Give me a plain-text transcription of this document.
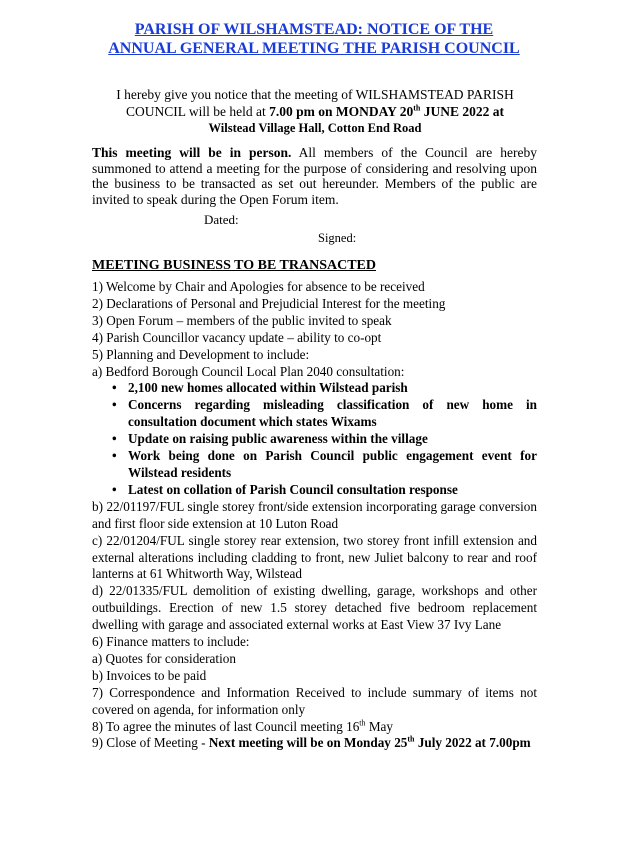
PARISH OF WILSHAMSTEAD: NOTICE OF THE
ANNUAL GENERAL MEETING THE PARISH COUNCIL
I hereby give you notice that the meeting of WILSHAMSTEAD PARISH
COUNCIL will be held at 7.00 pm on MONDAY 20th JUNE 2022 at
Wilstead Village Hall, Cotton End Road
This meeting will be in person. All members of the Council are hereby summoned to attend a meeting for the purpose of considering and resolving upon the business to be transacted as set out hereunder. Members of the public are invited to speak during the Open Forum item.
Dated:
Signed:
MEETING BUSINESS TO BE TRANSACTED
1) Welcome by Chair and Apologies for absence to be received
2) Declarations of Personal and Prejudicial Interest for the meeting
3) Open Forum – members of the public invited to speak
4) Parish Councillor vacancy update – ability to co-opt
5) Planning and Development to include:
a) Bedford Borough Council Local Plan 2040 consultation:
• 2,100 new homes allocated within Wilstead parish
• Concerns regarding misleading classification of new home in consultation document which states Wixams
• Update on raising public awareness within the village
• Work being done on Parish Council public engagement event for Wilstead residents
• Latest on collation of Parish Council consultation response
b) 22/01197/FUL single storey front/side extension incorporating garage conversion and first floor side extension at 10 Luton Road
c) 22/01204/FUL single storey rear extension, two storey front infill extension and external alterations including cladding to front, new Juliet balcony to rear and roof lanterns at 61 Whitworth Way, Wilstead
d) 22/01335/FUL demolition of existing dwelling, garage, workshops and other outbuildings. Erection of new 1.5 storey detached five bedroom replacement dwelling with garage and associated external works at East View 37 Ivy Lane
6) Finance matters to include:
a) Quotes for consideration
b) Invoices to be paid
7) Correspondence and Information Received to include summary of items not covered on agenda, for information only
8) To agree the minutes of last Council meeting 16th May
9) Close of Meeting - Next meeting will be on Monday 25th July 2022 at 7.00pm
